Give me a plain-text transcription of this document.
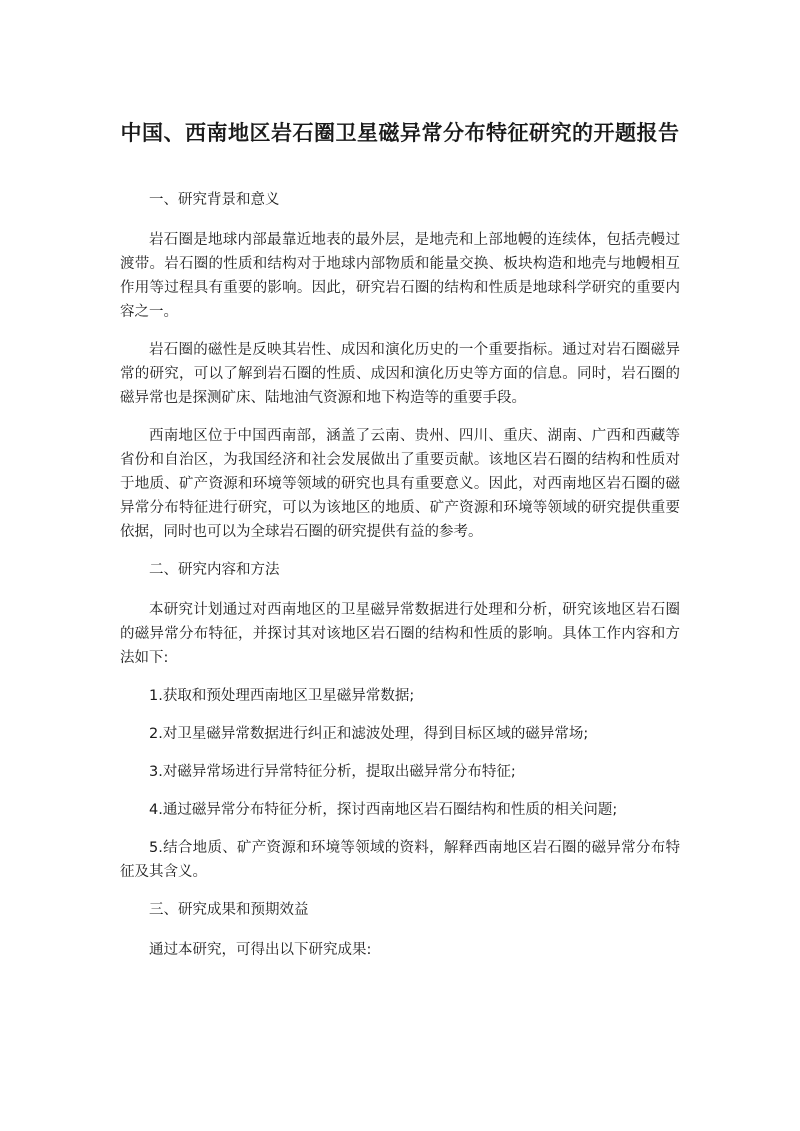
中国、西南地区岩石圈卫星磁异常分布特征研究的开题报告

一、研究背景和意义

岩石圈是地球内部最靠近地表的最外层，是地壳和上部地幔的连续体，包括壳幔过渡带。岩石圈的性质和结构对于地球内部物质和能量交换、板块构造和地壳与地幔相互作用等过程具有重要的影响。因此，研究岩石圈的结构和性质是地球科学研究的重要内容之一。

岩石圈的磁性是反映其岩性、成因和演化历史的一个重要指标。通过对岩石圈磁异常的研究，可以了解到岩石圈的性质、成因和演化历史等方面的信息。同时，岩石圈的磁异常也是探测矿床、陆地油气资源和地下构造等的重要手段。

西南地区位于中国西南部，涵盖了云南、贵州、四川、重庆、湖南、广西和西藏等省份和自治区，为我国经济和社会发展做出了重要贡献。该地区岩石圈的结构和性质对于地质、矿产资源和环境等领域的研究也具有重要意义。因此，对西南地区岩石圈的磁异常分布特征进行研究，可以为该地区的地质、矿产资源和环境等领域的研究提供重要依据，同时也可以为全球岩石圈的研究提供有益的参考。

二、研究内容和方法

本研究计划通过对西南地区的卫星磁异常数据进行处理和分析，研究该地区岩石圈的磁异常分布特征，并探讨其对该地区岩石圈的结构和性质的影响。具体工作内容和方法如下:

1.获取和预处理西南地区卫星磁异常数据;

2.对卫星磁异常数据进行纠正和滤波处理，得到目标区域的磁异常场;

3.对磁异常场进行异常特征分析，提取出磁异常分布特征;

4.通过磁异常分布特征分析，探讨西南地区岩石圈结构和性质的相关问题;

5.结合地质、矿产资源和环境等领域的资料，解释西南地区岩石圈的磁异常分布特征及其含义。

三、研究成果和预期效益

通过本研究，可得出以下研究成果:
